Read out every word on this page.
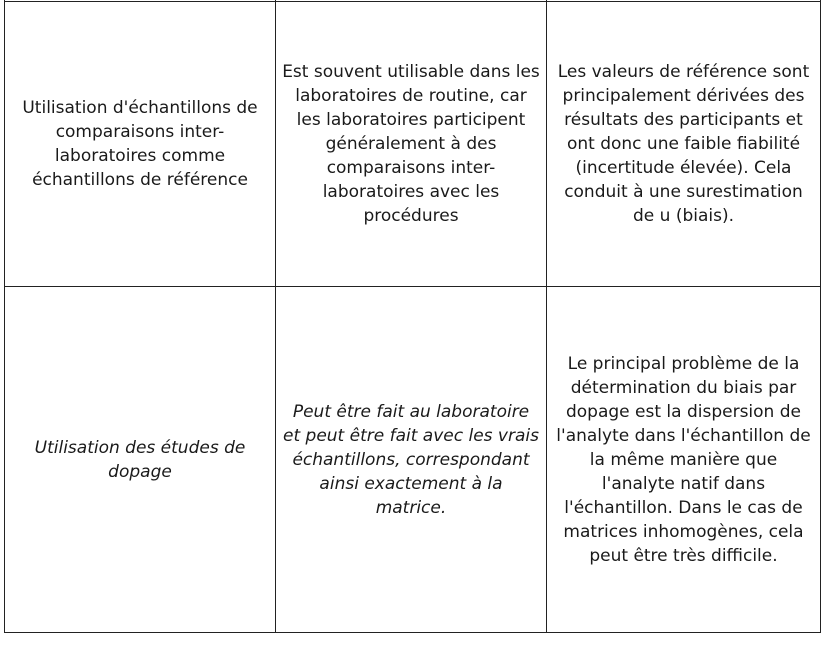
Utilisation d'échantillons de comparaisons inter-laboratoires comme échantillons de référence	Est souvent utilisable dans les laboratoires de routine, car les laboratoires participent généralement à des comparaisons inter-laboratoires avec les procédures	Les valeurs de référence sont principalement dérivées des résultats des participants et ont donc une faible fiabilité (incertitude élevée). Cela conduit à une surestimation de u (biais).

Utilisation des études de dopage	Peut être fait au laboratoire et peut être fait avec les vrais échantillons, correspondant ainsi exactement à la matrice.	Le principal problème de la détermination du biais par dopage est la dispersion de l'analyte dans l'échantillon de la même manière que l'analyte natif dans l'échantillon. Dans le cas de matrices inhomogènes, cela peut être très difficile.
